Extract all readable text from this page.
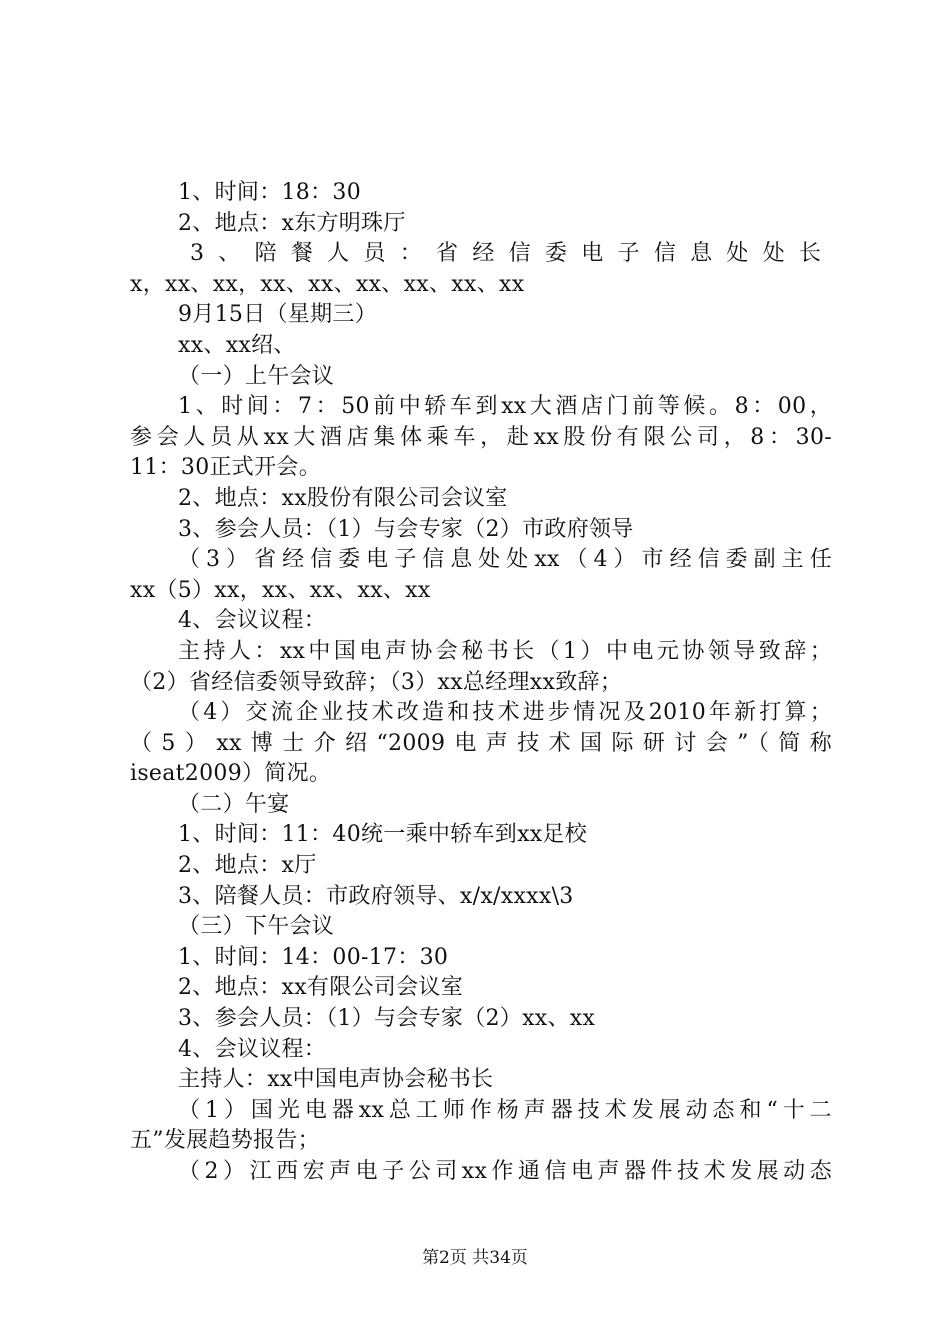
1、时间：18：30
2、地点：x东方明珠厅
3、陪餐人员：省经信委电子信息处处长
x，xx、xx，xx、xx、xx、xx、xx、xx
9月15日（星期三）
xx、xx绍、
（一）上午会议
1、时间：7：50前中轿车到xx大酒店门前等候。8：00，
参会人员从xx大酒店集体乘车，赴xx股份有限公司，8：30-
11：30正式开会。
2、地点：xx股份有限公司会议室
3、参会人员：（1）与会专家（2）市政府领导
（3）省经信委电子信息处处xx（4）市经信委副主任
xx（5）xx，xx、xx、xx、xx
4、会议议程：
主持人：xx中国电声协会秘书长（1）中电元协领导致辞；
（2）省经信委领导致辞；（3）xx总经理xx致辞；
（4）交流企业技术改造和技术进步情况及2010年新打算；
（5）xx博士介绍“2009电声技术国际研讨会”（简称
iseat2009）简况。
（二）午宴
1、时间：11：40统一乘中轿车到xx足校
2、地点：x厅
3、陪餐人员：市政府领导、x/x/xxxx\3
（三）下午会议
1、时间：14：00-17：30
2、地点：xx有限公司会议室
3、参会人员：（1）与会专家（2）xx、xx
4、会议议程：
主持人：xx中国电声协会秘书长
（1）国光电器xx总工师作杨声器技术发展动态和“十二
五”发展趋势报告；
（2）江西宏声电子公司xx作通信电声器件技术发展动态
第2页 共34页
